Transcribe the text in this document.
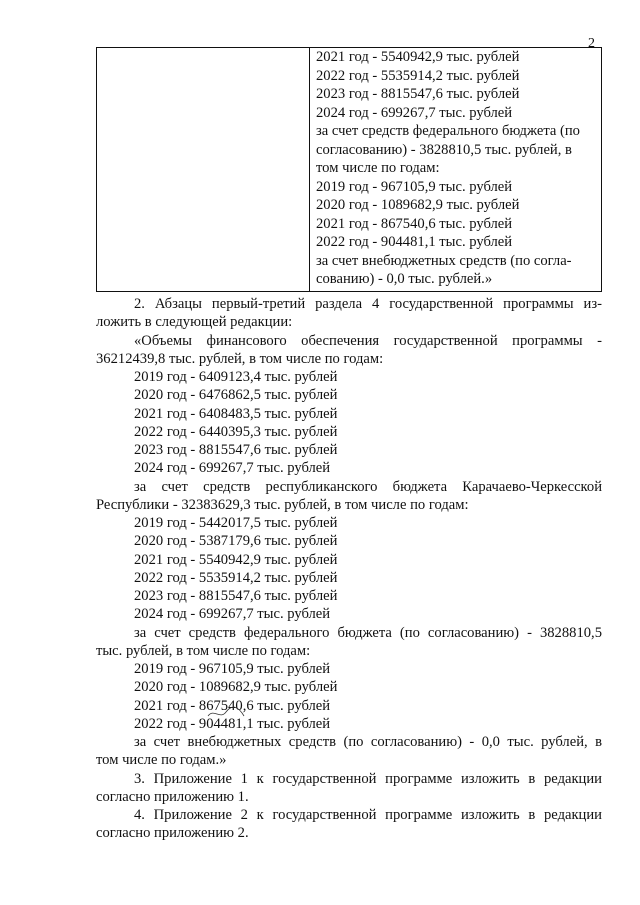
2

2021 год - 5540942,9 тыс. рублей
2022 год - 5535914,2 тыс. рублей
2023 год - 8815547,6 тыс. рублей
2024 год - 699267,7 тыс. рублей
за счет средств федерального бюджета (по
согласованию) - 3828810,5 тыс. рублей, в
том числе по годам:
2019 год - 967105,9 тыс. рублей
2020 год - 1089682,9 тыс. рублей
2021 год - 867540,6 тыс. рублей
2022 год - 904481,1 тыс. рублей
за счет внебюджетных средств (по согла-
сованию) - 0,0 тыс. рублей.»
2. Абзацы первый-третий раздела 4 государственной программы из-
ложить в следующей редакции:
«Объемы финансового обеспечения государственной программы -
36212439,8 тыс. рублей, в том числе по годам:
2019 год - 6409123,4 тыс. рублей
2020 год - 6476862,5 тыс. рублей
2021 год - 6408483,5 тыс. рублей
2022 год - 6440395,3 тыс. рублей
2023 год - 8815547,6 тыс. рублей
2024 год - 699267,7 тыс. рублей
за счет средств республиканского бюджета Карачаево-Черкесской
Республики - 32383629,3 тыс. рублей, в том числе по годам:
2019 год - 5442017,5 тыс. рублей
2020 год - 5387179,6 тыс. рублей
2021 год - 5540942,9 тыс. рублей
2022 год - 5535914,2 тыс. рублей
2023 год - 8815547,6 тыс. рублей
2024 год - 699267,7 тыс. рублей
за счет средств федерального бюджета (по согласованию) - 3828810,5
тыс. рублей, в том числе по годам:
2019 год - 967105,9 тыс. рублей
2020 год - 1089682,9 тыс. рублей
2021 год - 867540,6 тыс. рублей
2022 год - 904481,1 тыс. рублей
за счет внебюджетных средств (по согласованию) - 0,0 тыс. рублей, в
том числе по годам.»
3. Приложение 1 к государственной программе изложить в редакции
согласно приложению 1.
4. Приложение 2 к государственной программе изложить в редакции
согласно приложению 2.
